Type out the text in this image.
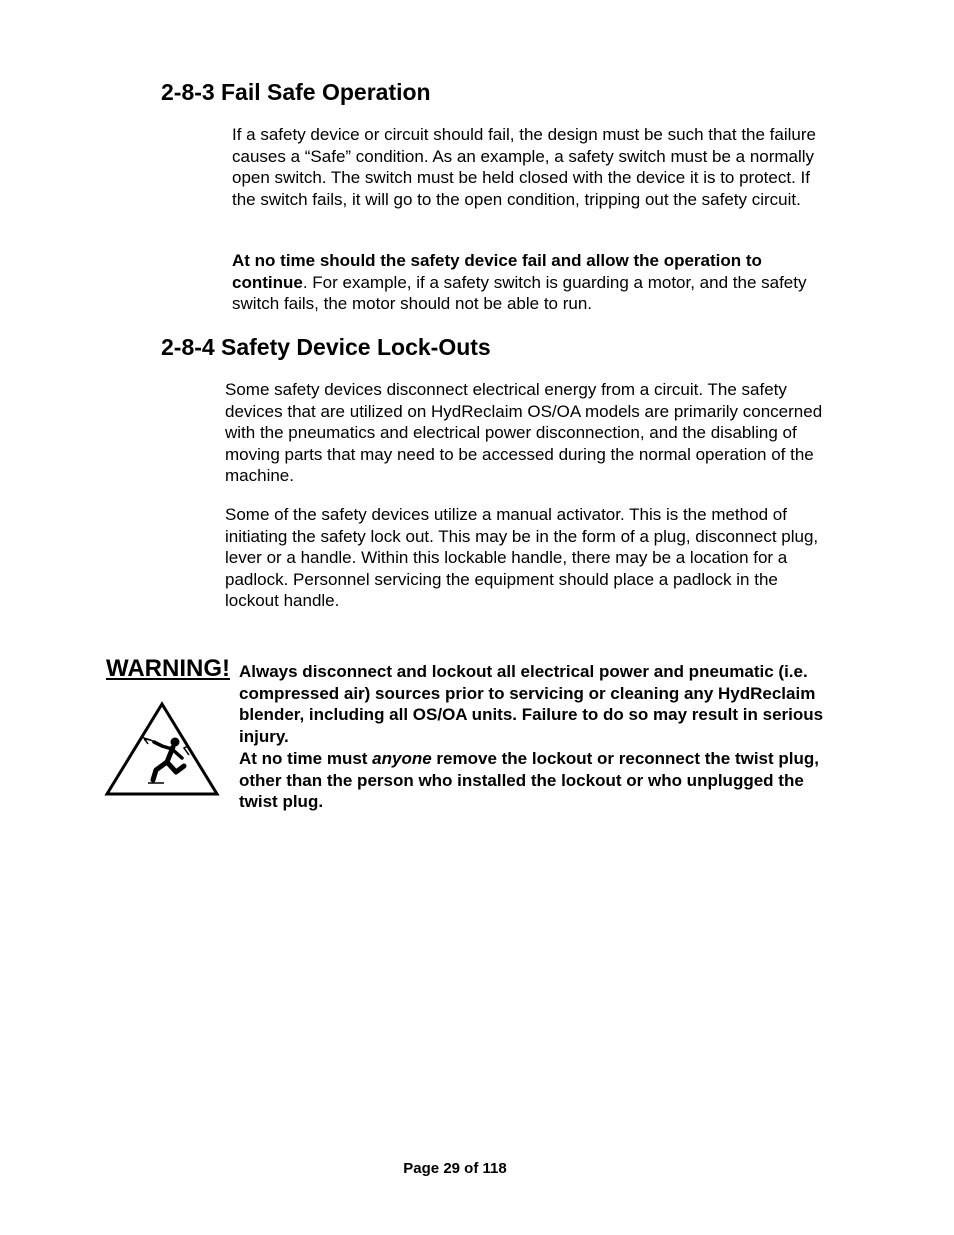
2-8-3 Fail Safe Operation

If a safety device or circuit should fail, the design must be such that the failure causes a “Safe” condition. As an example, a safety switch must be a normally open switch. The switch must be held closed with the device it is to protect. If the switch fails, it will go to the open condition, tripping out the safety circuit.

At no time should the safety device fail and allow the operation to continue. For example, if a safety switch is guarding a motor, and the safety switch fails, the motor should not be able to run.

2-8-4 Safety Device Lock-Outs

Some safety devices disconnect electrical energy from a circuit. The safety devices that are utilized on HydReclaim OS/OA models are primarily concerned with the pneumatics and electrical power disconnection, and the disabling of moving parts that may need to be accessed during the normal operation of the machine.

Some of the safety devices utilize a manual activator. This is the method of initiating the safety lock out. This may be in the form of a plug, disconnect plug, lever or a handle. Within this lockable handle, there may be a location for a padlock. Personnel servicing the equipment should place a padlock in the lockout handle.

WARNING! Always disconnect and lockout all electrical power and pneumatic (i.e. compressed air) sources prior to servicing or cleaning any HydReclaim blender, including all OS/OA units. Failure to do so may result in serious injury.
At no time must anyone remove the lockout or reconnect the twist plug, other than the person who installed the lockout or who unplugged the twist plug.

Page 29 of 118
